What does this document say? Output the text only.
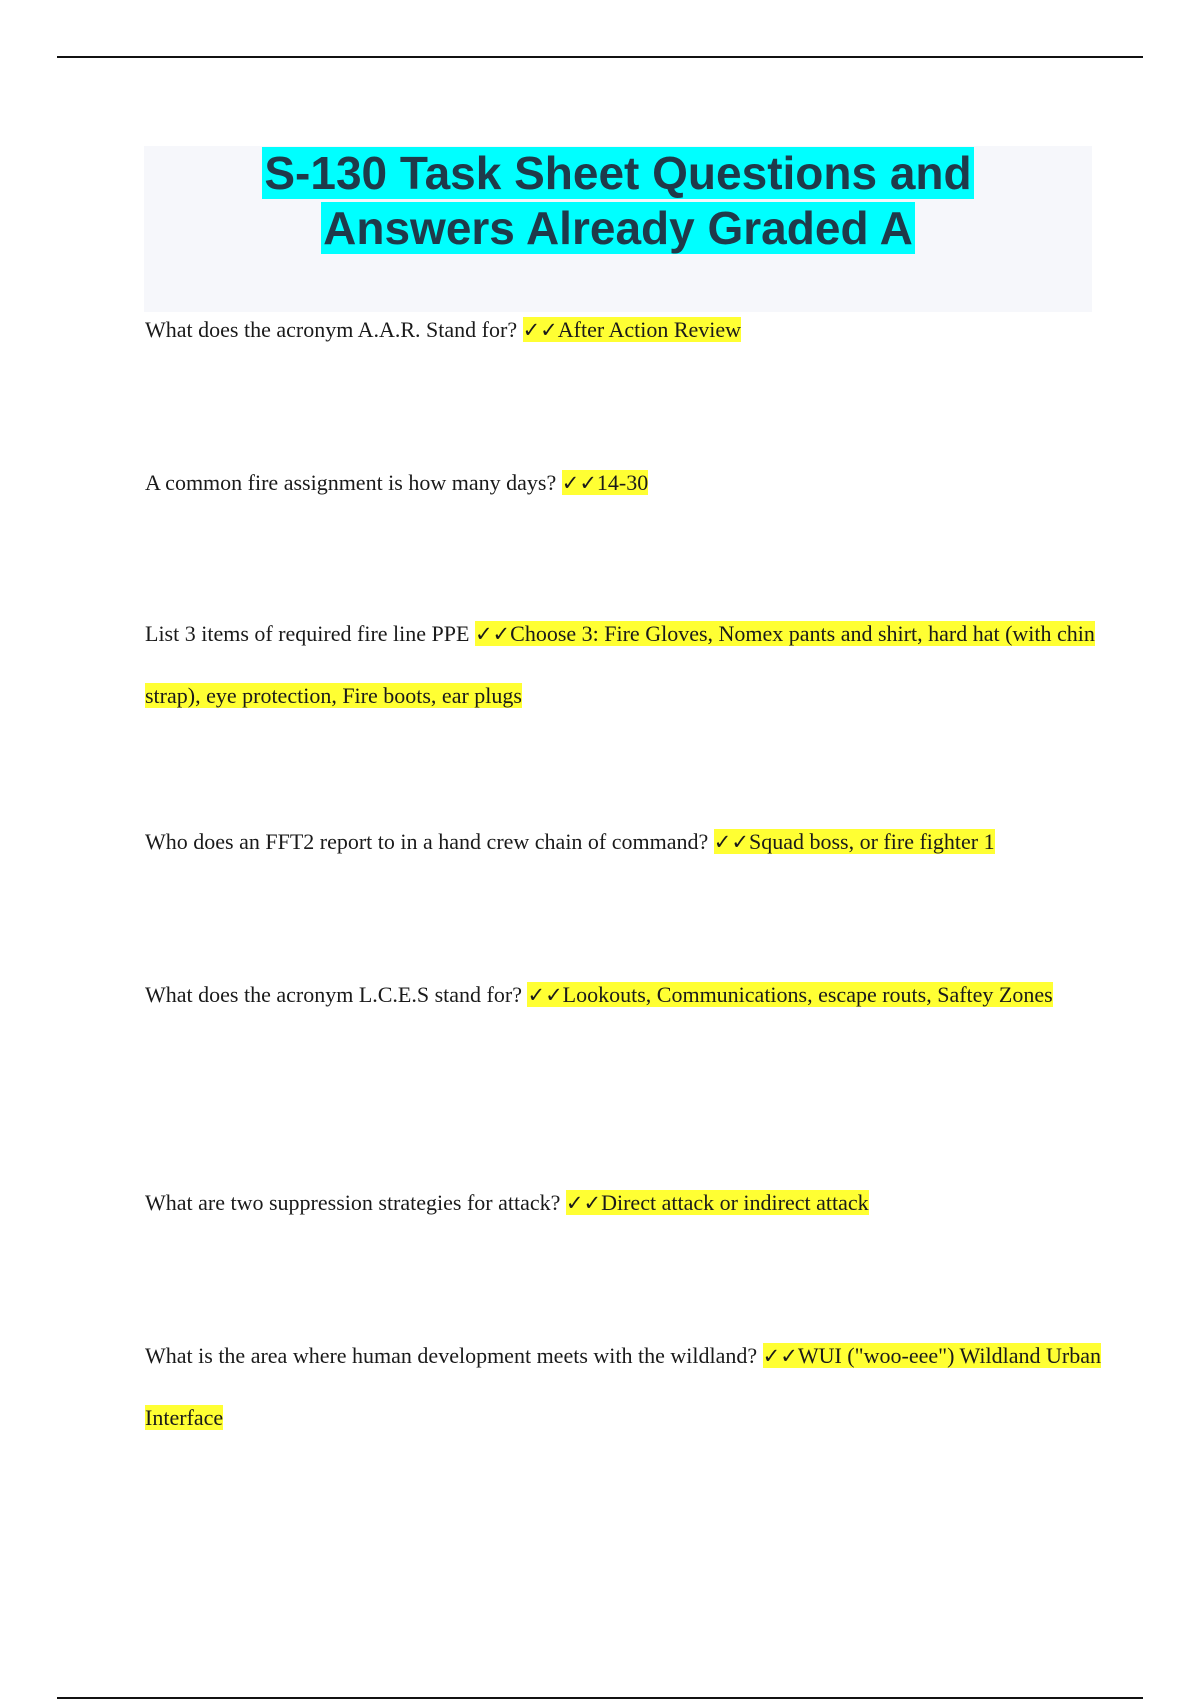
S-130 Task Sheet Questions and
Answers Already Graded A
What does the acronym A.A.R. Stand for? ✓✓After Action Review
A common fire assignment is how many days? ✓✓14-30
List 3 items of required fire line PPE ✓✓Choose 3: Fire Gloves, Nomex pants and shirt, hard hat (with chin strap), eye protection, Fire boots, ear plugs
Who does an FFT2 report to in a hand crew chain of command? ✓✓Squad boss, or fire fighter 1
What does the acronym L.C.E.S stand for? ✓✓Lookouts, Communications, escape routs, Saftey Zones
What are two suppression strategies for attack? ✓✓Direct attack or indirect attack
What is the area where human development meets with the wildland? ✓✓WUI ("woo-eee") Wildland Urban Interface
